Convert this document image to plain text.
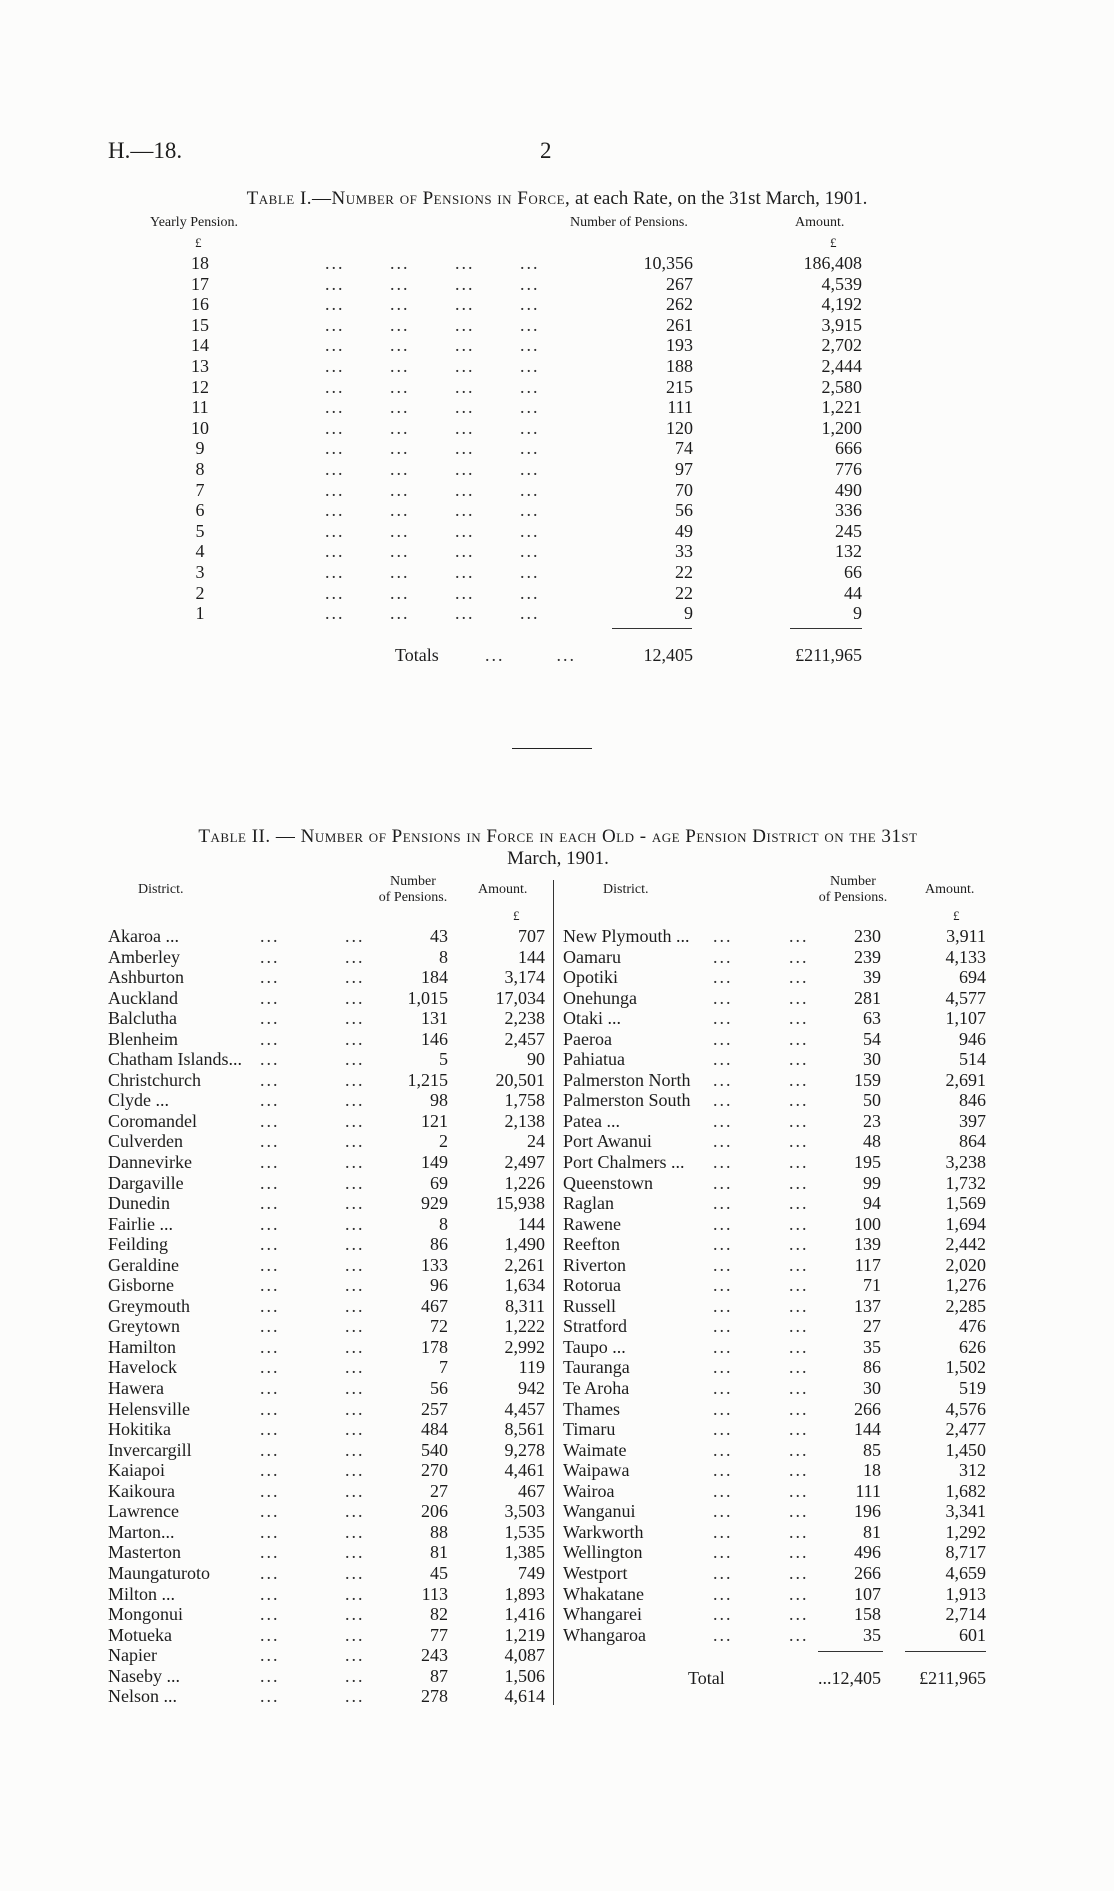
H.—18.	2
Table I.—Number of Pensions in Force, at each Rate, on the 31st March, 1901.
Yearly Pension.	Number of Pensions.	Amount.
£	£
18	...       ...       ...       ...	10,356	186,408
17	...       ...       ...       ...	267	4,539
16	...       ...       ...       ...	262	4,192
15	...       ...       ...       ...	261	3,915
14	...       ...       ...       ...	193	2,702
13	...       ...       ...       ...	188	2,444
12	...       ...       ...       ...	215	2,580
11	...       ...       ...       ...	111	1,221
10	...       ...       ...       ...	120	1,200
9	...       ...       ...       ...	74	666
8	...       ...       ...       ...	97	776
7	...       ...       ...       ...	70	490
6	...       ...       ...       ...	56	336
5	...       ...       ...       ...	49	245
4	...       ...       ...       ...	33	132
3	...       ...       ...       ...	22	66
2	...       ...       ...       ...	22	44
1	...       ...       ...       ...	9	9
Totals	...        ...	12,405	£211,965
Table II. — Number of Pensions in Force in each Old - age Pension District on the 31st
March, 1901.
District.
Number
of Pensions.
Amount.
£
Akaroa ...	...	...	43	707
Amberley	...	...	8	144
Ashburton	...	...	184	3,174
Auckland	...	...	1,015	17,034
Balclutha	...	...	131	2,238
Blenheim	...	...	146	2,457
Chatham Islands... ...	...	5	90
Christchurch	...	...	1,215	20,501
Clyde ...	...	...	98	1,758
Coromandel	...	...	121	2,138
Culverden	...	...	2	24
Dannevirke	...	...	149	2,497
Dargaville	...	...	69	1,226
Dunedin	...	...	929	15,938
Fairlie ...	...	...	8	144
Feilding	...	...	86	1,490
Geraldine	...	...	133	2,261
Gisborne	...	...	96	1,634
Greymouth	...	...	467	8,311
Greytown	...	...	72	1,222
Hamilton	...	...	178	2,992
Havelock	...	...	7	119
Hawera	...	...	56	942
Helensville	...	...	257	4,457
Hokitika	...	...	484	8,561
Invercargill	...	...	540	9,278
Kaiapoi	...	...	270	4,461
Kaikoura	...	...	27	467
Lawrence	...	...	206	3,503
Marton...	...	...	88	1,535
Masterton	...	...	81	1,385
Maungaturoto	...	...	45	749
Milton ...	...	...	113	1,893
Mongonui	...	...	82	1,416
Motueka	...	...	77	1,219
Napier	...	...	243	4,087
Naseby ...	...	...	87	1,506
Nelson ...	...	...	278	4,614
District.
Number
of Pensions.
Amount.
£
New Plymouth ... ...	...	230	3,911
Oamaru	...	...	239	4,133
Opotiki	...	...	39	694
Onehunga	...	...	281	4,577
Otaki ...	...	...	63	1,107
Paeroa	...	...	54	946
Pahiatua	...	...	30	514
Palmerston North ...	...	159	2,691
Palmerston South ...	...	50	846
Patea ...	...	...	23	397
Port Awanui	...	...	48	864
Port Chalmers ... ...	...	195	3,238
Queenstown	...	...	99	1,732
Raglan	...	...	94	1,569
Rawene	...	...	100	1,694
Reefton	...	...	139	2,442
Riverton	...	...	117	2,020
Rotorua	...	...	71	1,276
Russell	...	...	137	2,285
Stratford	...	...	27	476
Taupo ...	...	...	35	626
Tauranga	...	...	86	1,502
Te Aroha	...	...	30	519
Thames	...	...	266	4,576
Timaru	...	...	144	2,477
Waimate	...	...	85	1,450
Waipawa	...	...	18	312
Wairoa	...	...	111	1,682
Wanganui	...	...	196	3,341
Warkworth	...	...	81	1,292
Wellington	...	...	496	8,717
Westport	...	...	266	4,659
Whakatane	...	...	107	1,913
Whangarei	...	...	158	2,714
Whangaroa	...	...	35	601
Total	...12,405	£211,965
